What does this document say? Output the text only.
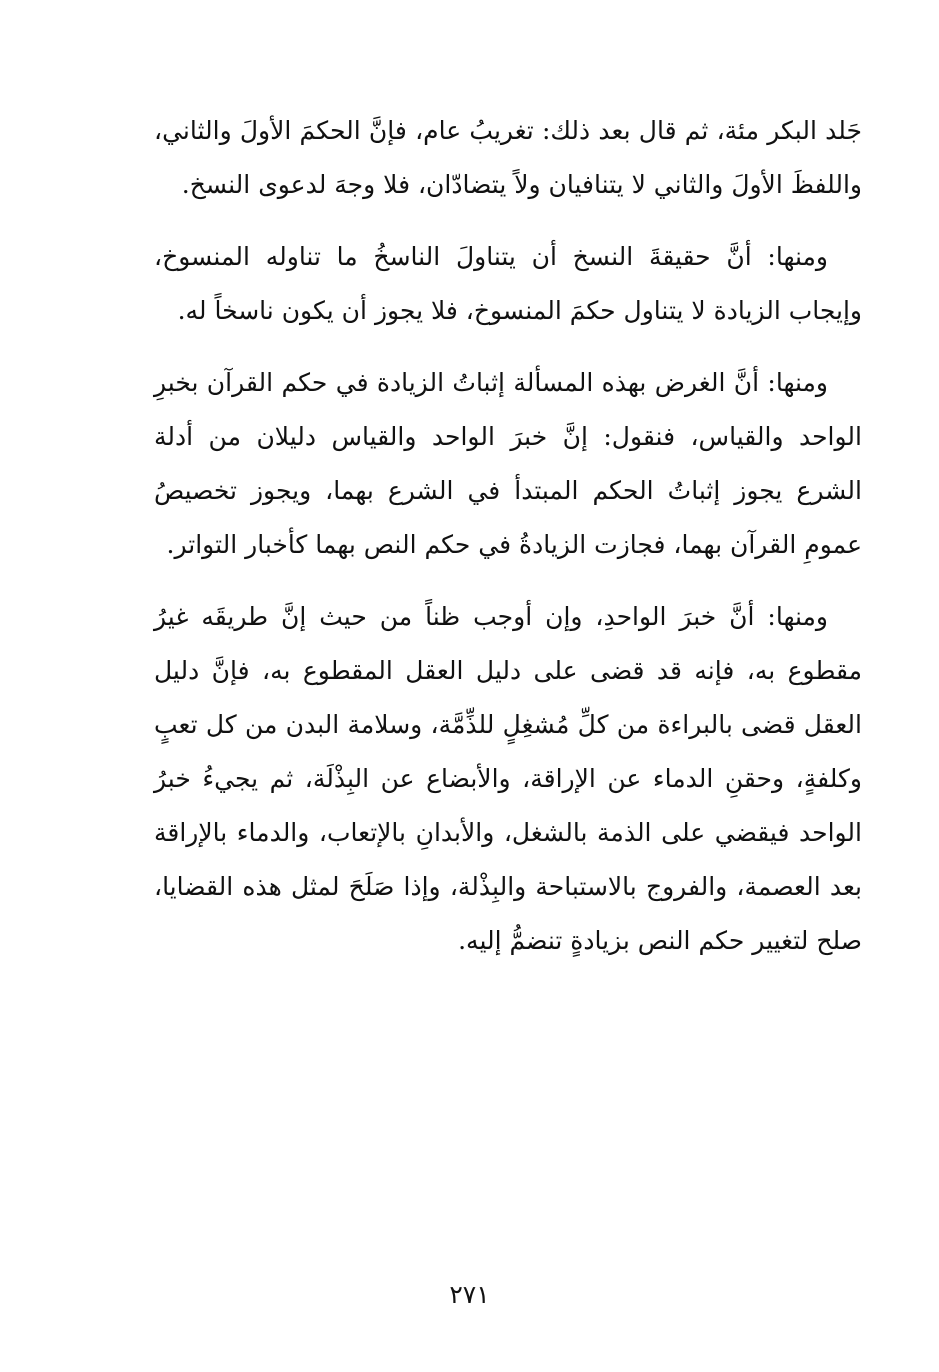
جَلد البكر مئة، ثم قال بعد ذلك: تغريبُ عام، فإنَّ الحكمَ الأولَ والثاني، واللفظَ الأولَ والثاني لا يتنافيان ولاً يتضادّان، فلا وجهَ لدعوى النسخ.

ومنها: أنَّ حقيقةَ النسخ أن يتناولَ الناسخُ ما تناوله المنسوخ، وإيجاب الزيادة لا يتناول حكمَ المنسوخ، فلا يجوز أن يكون ناسخاً له.

ومنها: أنَّ الغرض بهذه المسألة إثباتُ الزيادة في حكم القرآن بخبرِ الواحد والقياس، فنقول: إنَّ خبرَ الواحد والقياس دليلان من أدلة الشرع يجوز إثباتُ الحكم المبتدأ في الشرع بهما، ويجوز تخصيصُ عمومِ القرآن بهما، فجازت الزيادةُ في حكم النص بهما كأخبار التواتر.

ومنها: أنَّ خبرَ الواحدِ، وإن أوجب ظناً من حيث إنَّ طريقَه غيرُ مقطوع به، فإنه قد قضى على دليل العقل المقطوع به، فإنَّ دليل العقل قضى بالبراءة من كلِّ مُشغِلٍ للذِّمَّة، وسلامة البدن من كل تعبٍ وكلفةٍ، وحقنِ الدماء عن الإراقة، والأبضاع عن البِذْلَة، ثم يجيءُ خبرُ الواحد فيقضي على الذمة بالشغل، والأبدانِ بالإتعاب، والدماء بالإراقة بعد العصمة، والفروج بالاستباحة والبِذْلة، وإذا صَلَحَ لمثل هذه القضايا، صلح لتغيير حكم النص بزيادةٍ تنضمُّ إليه.

٢٧١
